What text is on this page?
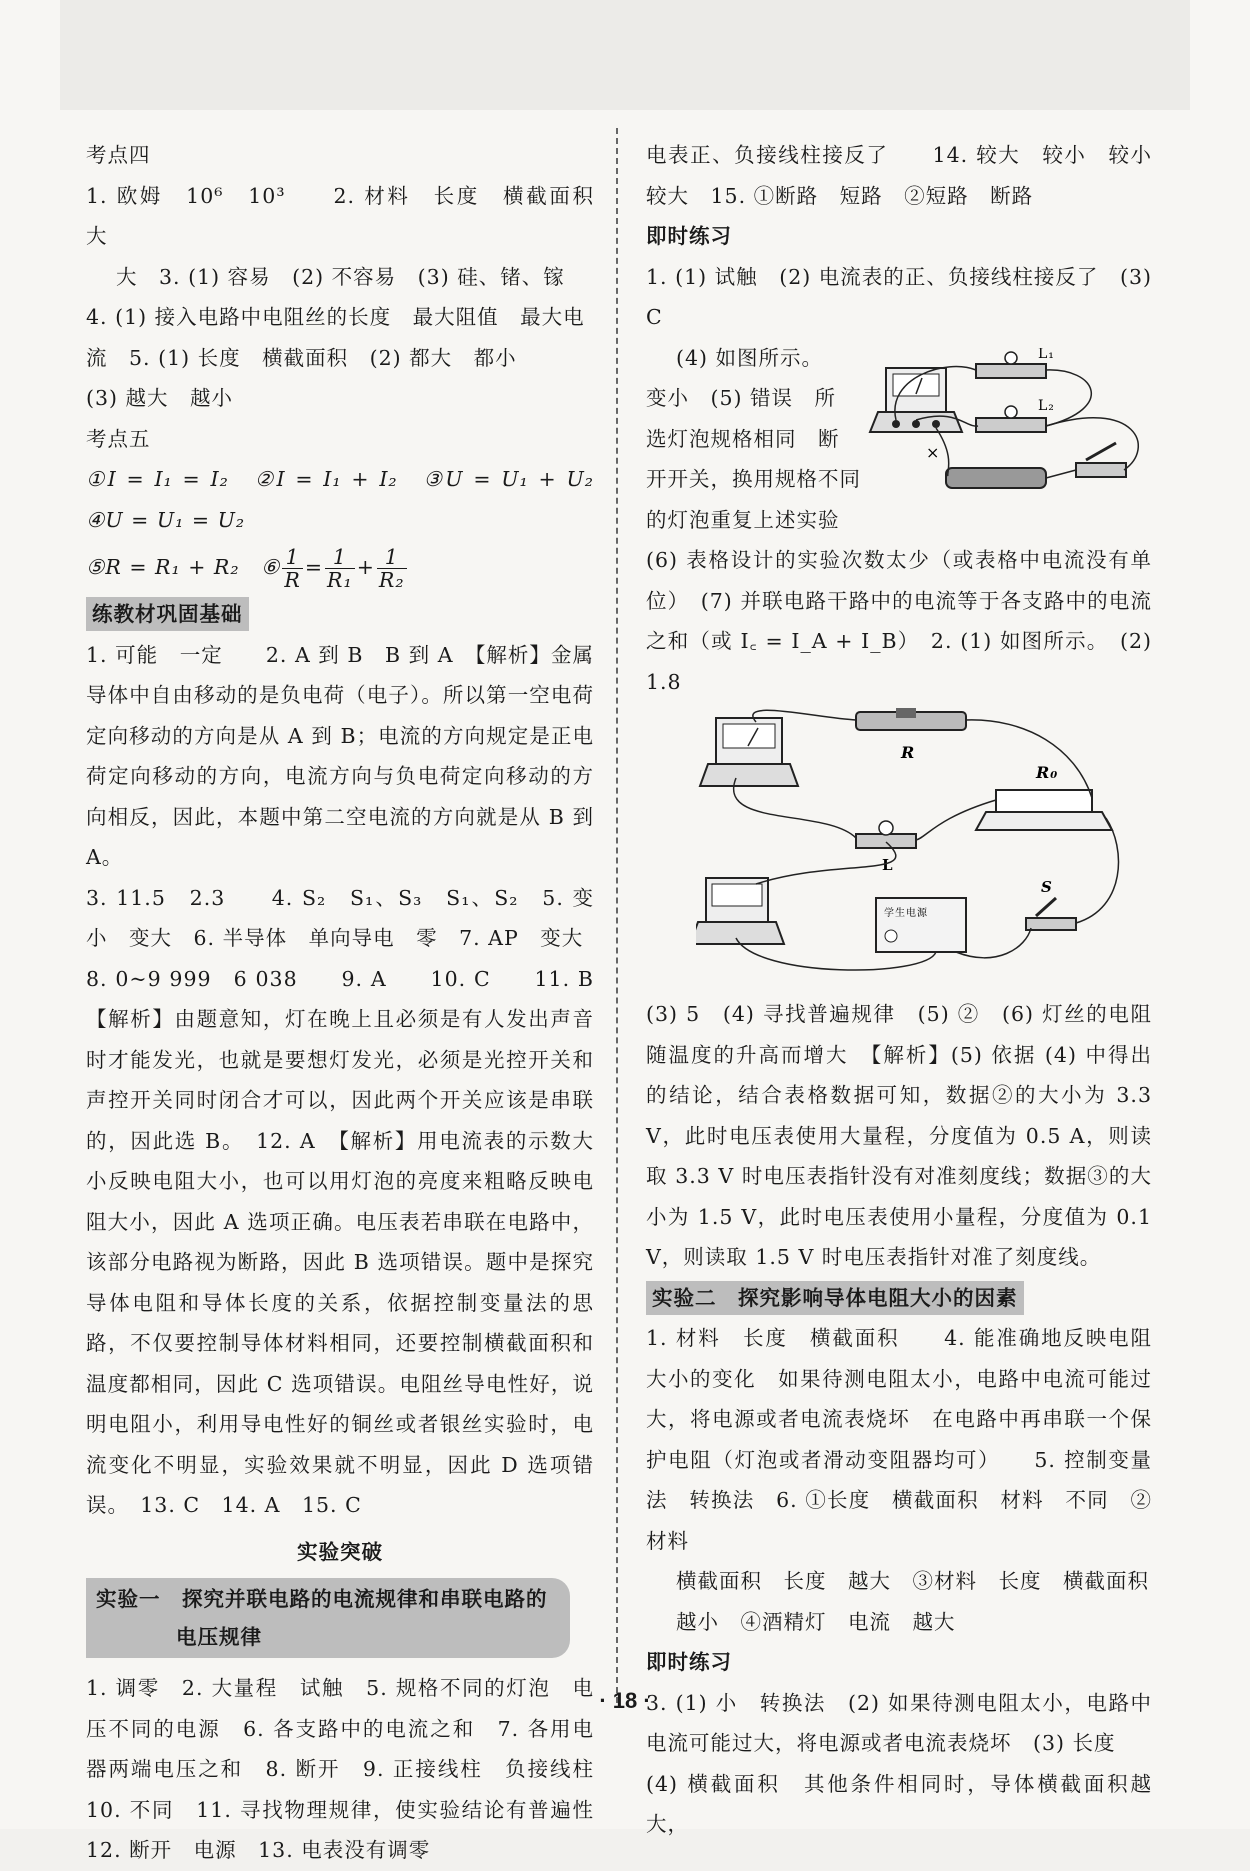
考点四

1. 欧姆　10⁶　10³　　2. 材料　长度　横截面积　大

大　3. (1) 容易　(2) 不容易　(3) 硅、锗、镓

4. (1) 接入电路中电阻丝的长度　最大阻值　最大电

流　5. (1) 长度　横截面积　(2) 都大　都小

(3) 越大　越小

考点五

①I = I₁ = I₂　②I = I₁ + I₂　③U = U₁ + U₂　④U = U₁ = U₂

⑤R = R₁ + R₂　⑥ $\frac{1}{R} = \frac{1}{\text{R₁}} + \frac{1}{\text{R₂}}$

练教材巩固基础

1. 可能　一定　　2. A 到 B　B 到 A　【解析】金属导体中自由移动的是负电荷（电子）。所以第一空电荷定向移动的方向是从 A 到 B；电流的方向规定是正电荷定向移动的方向，电流方向与负电荷定向移动的方向相反，因此，本题中第二空电流的方向就是从 B 到 A。

3. 11.5　2.3　　4. S₂　S₁、S₃　S₁、S₂　5. 变小　变大　6. 半导体　单向导电　零　7. AP　变大

8. 0~9 999　6 038　　9. A　　10. C　　11. B　【解析】由题意知，灯在晚上且必须是有人发出声音时才能发光，也就是要想灯发光，必须是光控开关和声控开关同时闭合才可以，因此两个开关应该是串联的，因此选 B。　12. A　【解析】用电流表的示数大小反映电阻大小，也可以用灯泡的亮度来粗略反映电阻大小，因此 A 选项正确。电压表若串联在电路中，该部分电路视为断路，因此 B 选项错误。题中是探究导体电阻和导体长度的关系，依据控制变量法的思路，不仅要控制导体材料相同，还要控制横截面积和温度都相同，因此 C 选项错误。电阻丝导电性好，说明电阻小，利用导电性好的铜丝或者银丝实验时，电流变化不明显，实验效果就不明显，因此 D 选项错误。　13. C　14. A　15. C

实验突破

实验一　探究并联电路的电流规律和串联电路的
电压规律

1. 调零　2. 大量程　试触　5. 规格不同的灯泡　电压不同的电源　6. 各支路中的电流之和　7. 各用电器两端电压之和　8. 断开　9. 正接线柱　负接线柱　10. 不同　11. 寻找物理规律，使实验结论有普遍性　12. 断开　电源　13. 电表没有调零

电表正、负接线柱接反了　　14. 较大　较小　较小　较大　15. ①断路　短路　②短路　断路

即时练习

1. (1) 试触　(2) 电流表的正、负接线柱接反了　(3) C

(4) 如图所示。

变小　(5) 错误　所

选灯泡规格相同　断

开开关，换用规格不同

的灯泡重复上述实验

L₁
L₂
×

(6) 表格设计的实验次数太少（或表格中电流没有单位）　(7) 并联电路干路中的电流等于各支路中的电流之和（或 I꜀ = I_A + I_B）　2. (1) 如图所示。　(2) 1.8

R
R₀
L
学生电源
S

(3) 5　(4) 寻找普遍规律　(5) ②　(6) 灯丝的电阻随温度的升高而增大　【解析】(5) 依据 (4) 中得出的结论，结合表格数据可知，数据②的大小为 3.3 V，此时电压表使用大量程，分度值为 0.5 A，则读取 3.3 V 时电压表指针没有对准刻度线；数据③的大小为 1.5 V，此时电压表使用小量程，分度值为 0.1 V，则读取 1.5 V 时电压表指针对准了刻度线。

实验二　探究影响导体电阻大小的因素

1. 材料　长度　横截面积　　4. 能准确地反映电阻大小的变化　如果待测电阻太小，电路中电流可能过大，将电源或者电流表烧坏　在电路中再串联一个保护电阻（灯泡或者滑动变阻器均可）　　5. 控制变量法　转换法　6. ①长度　横截面积　材料　不同　②材料

横截面积　长度　越大　③材料　长度　横截面积

越小　④酒精灯　电流　越大

即时练习

3. (1) 小　转换法　(2) 如果待测电阻太小，电路中电流可能过大，将电源或者电流表烧坏　(3) 长度

(4) 横截面积　其他条件相同时，导体横截面积越大，

· 18 ·
